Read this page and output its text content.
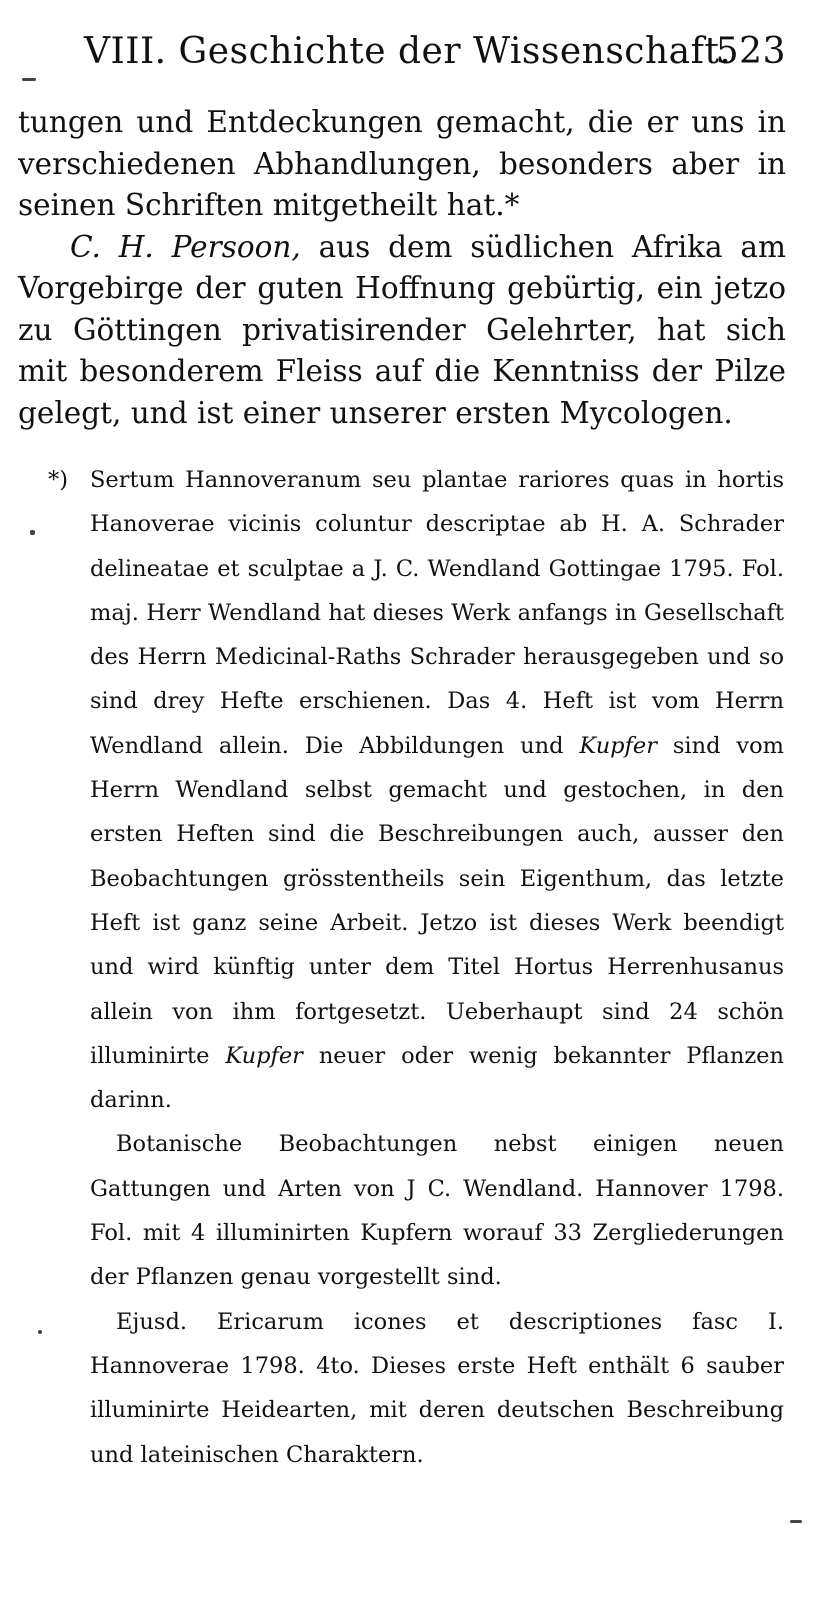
VIII. Geschichte der Wissenschaft.
523

tungen und Entdeckungen gemacht, die er uns in verschiedenen Abhandlungen, besonders aber in seinen Schriften mitgetheilt hat.*

C. H. Persoon, aus dem südlichen Afrika am Vorgebirge der guten Hoffnung gebürtig, ein jetzo zu Göttingen privatisirender Gelehrter, hat sich mit besonderem Fleiss auf die Kenntniss der Pilze gelegt, und ist einer unserer ersten Mycologen.

*) Sertum Hannoveranum seu plantae rariores quas in hortis Hanoverae vicinis coluntur descriptae ab H. A. Schrader delineatae et sculptae a J. C. Wendland Gottingae 1795. Fol. maj. Herr Wendland hat dieses Werk anfangs in Gesellschaft des Herrn Medicinal-Raths Schrader herausgegeben und so sind drey Hefte erschienen. Das 4. Heft ist vom Herrn Wendland allein. Die Abbildungen und Kupfer sind vom Herrn Wendland selbst gemacht und gestochen, in den ersten Heften sind die Beschreibungen auch, ausser den Beobachtungen grösstentheils sein Eigenthum, das letzte Heft ist ganz seine Arbeit. Jetzo ist dieses Werk beendigt und wird künftig unter dem Titel Hortus Herrenhusanus allein von ihm fortgesetzt. Ueberhaupt sind 24 schön illuminirte Kupfer neuer oder wenig bekannter Pflanzen darinn.

Botanische Beobachtungen nebst einigen neuen Gattungen und Arten von J C. Wendland. Hannover 1798. Fol. mit 4 illuminirten Kupfern worauf 33 Zergliederungen der Pflanzen genau vorgestellt sind.

Ejusd. Ericarum icones et descriptiones fasc I. Hannoverae 1798. 4to. Dieses erste Heft enthält 6 sauber illuminirte Heidearten, mit deren deutschen Beschreibung und lateinischen Charaktern.
